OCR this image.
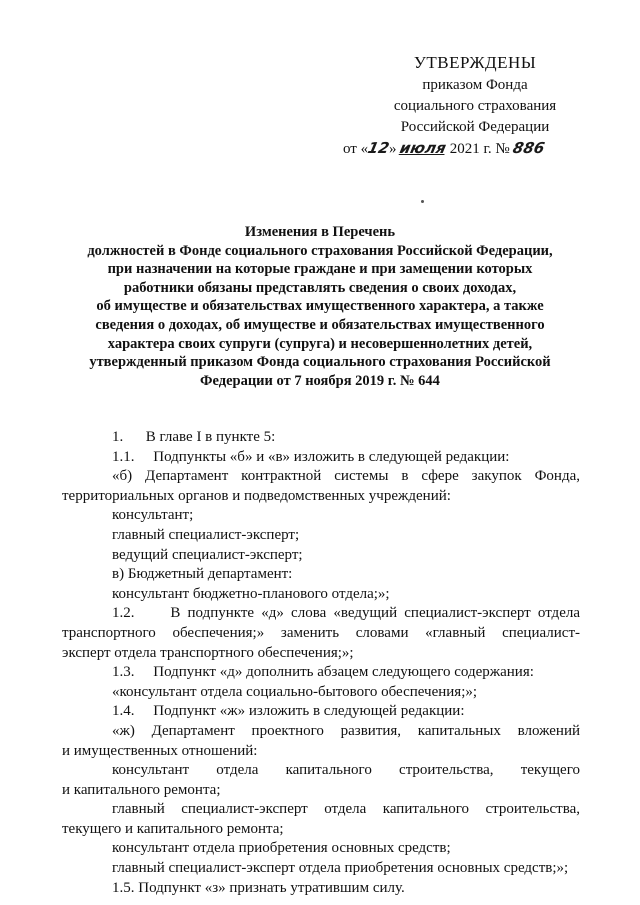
УТВЕРЖДЕНЫ
приказом Фонда
социального страхования
Российской Федерации
от «12» июля 2021 г. № 886
Изменения в Перечень
должностей в Фонде социального страхования Российской Федерации,
при назначении на которые граждане и при замещении которых
работники обязаны представлять сведения о своих доходах,
об имуществе и обязательствах имущественного характера, а также
сведения о доходах, об имуществе и обязательствах имущественного
характера своих супруги (супруга) и несовершеннолетних детей,
утвержденный приказом Фонда социального страхования Российской
Федерации от 7 ноября 2019 г. № 644

1.      В главе I в пункте 5:

1.1.     Подпункты «б» и «в» изложить в следующей редакции:

«б) Департамент контрактной системы в сфере закупок Фонда,

территориальных органов и подведомственных учреждений:

консультант;

главный специалист-эксперт;

ведущий специалист-эксперт;

в) Бюджетный департамент:

консультант бюджетно-планового отдела;»;

1.2.     В подпункте «д» слова «ведущий специалист-эксперт отдела

транспортного обеспечения;» заменить словами «главный специалист-

эксперт отдела транспортного обеспечения;»;

1.3.     Подпункт «д» дополнить абзацем следующего содержания:

«консультант отдела социально-бытового обеспечения;»;

1.4.     Подпункт «ж» изложить в следующей редакции:

«ж) Департамент проектного развития, капитальных вложений

и имущественных отношений:

консультант отдела капитального строительства, текущего

и капитального ремонта;

главный специалист-эксперт отдела капитального строительства,

текущего и капитального ремонта;

консультант отдела приобретения основных средств;

главный специалист-эксперт отдела приобретения основных средств;»;

1.5. Подпункт «з» признать утратившим силу.
